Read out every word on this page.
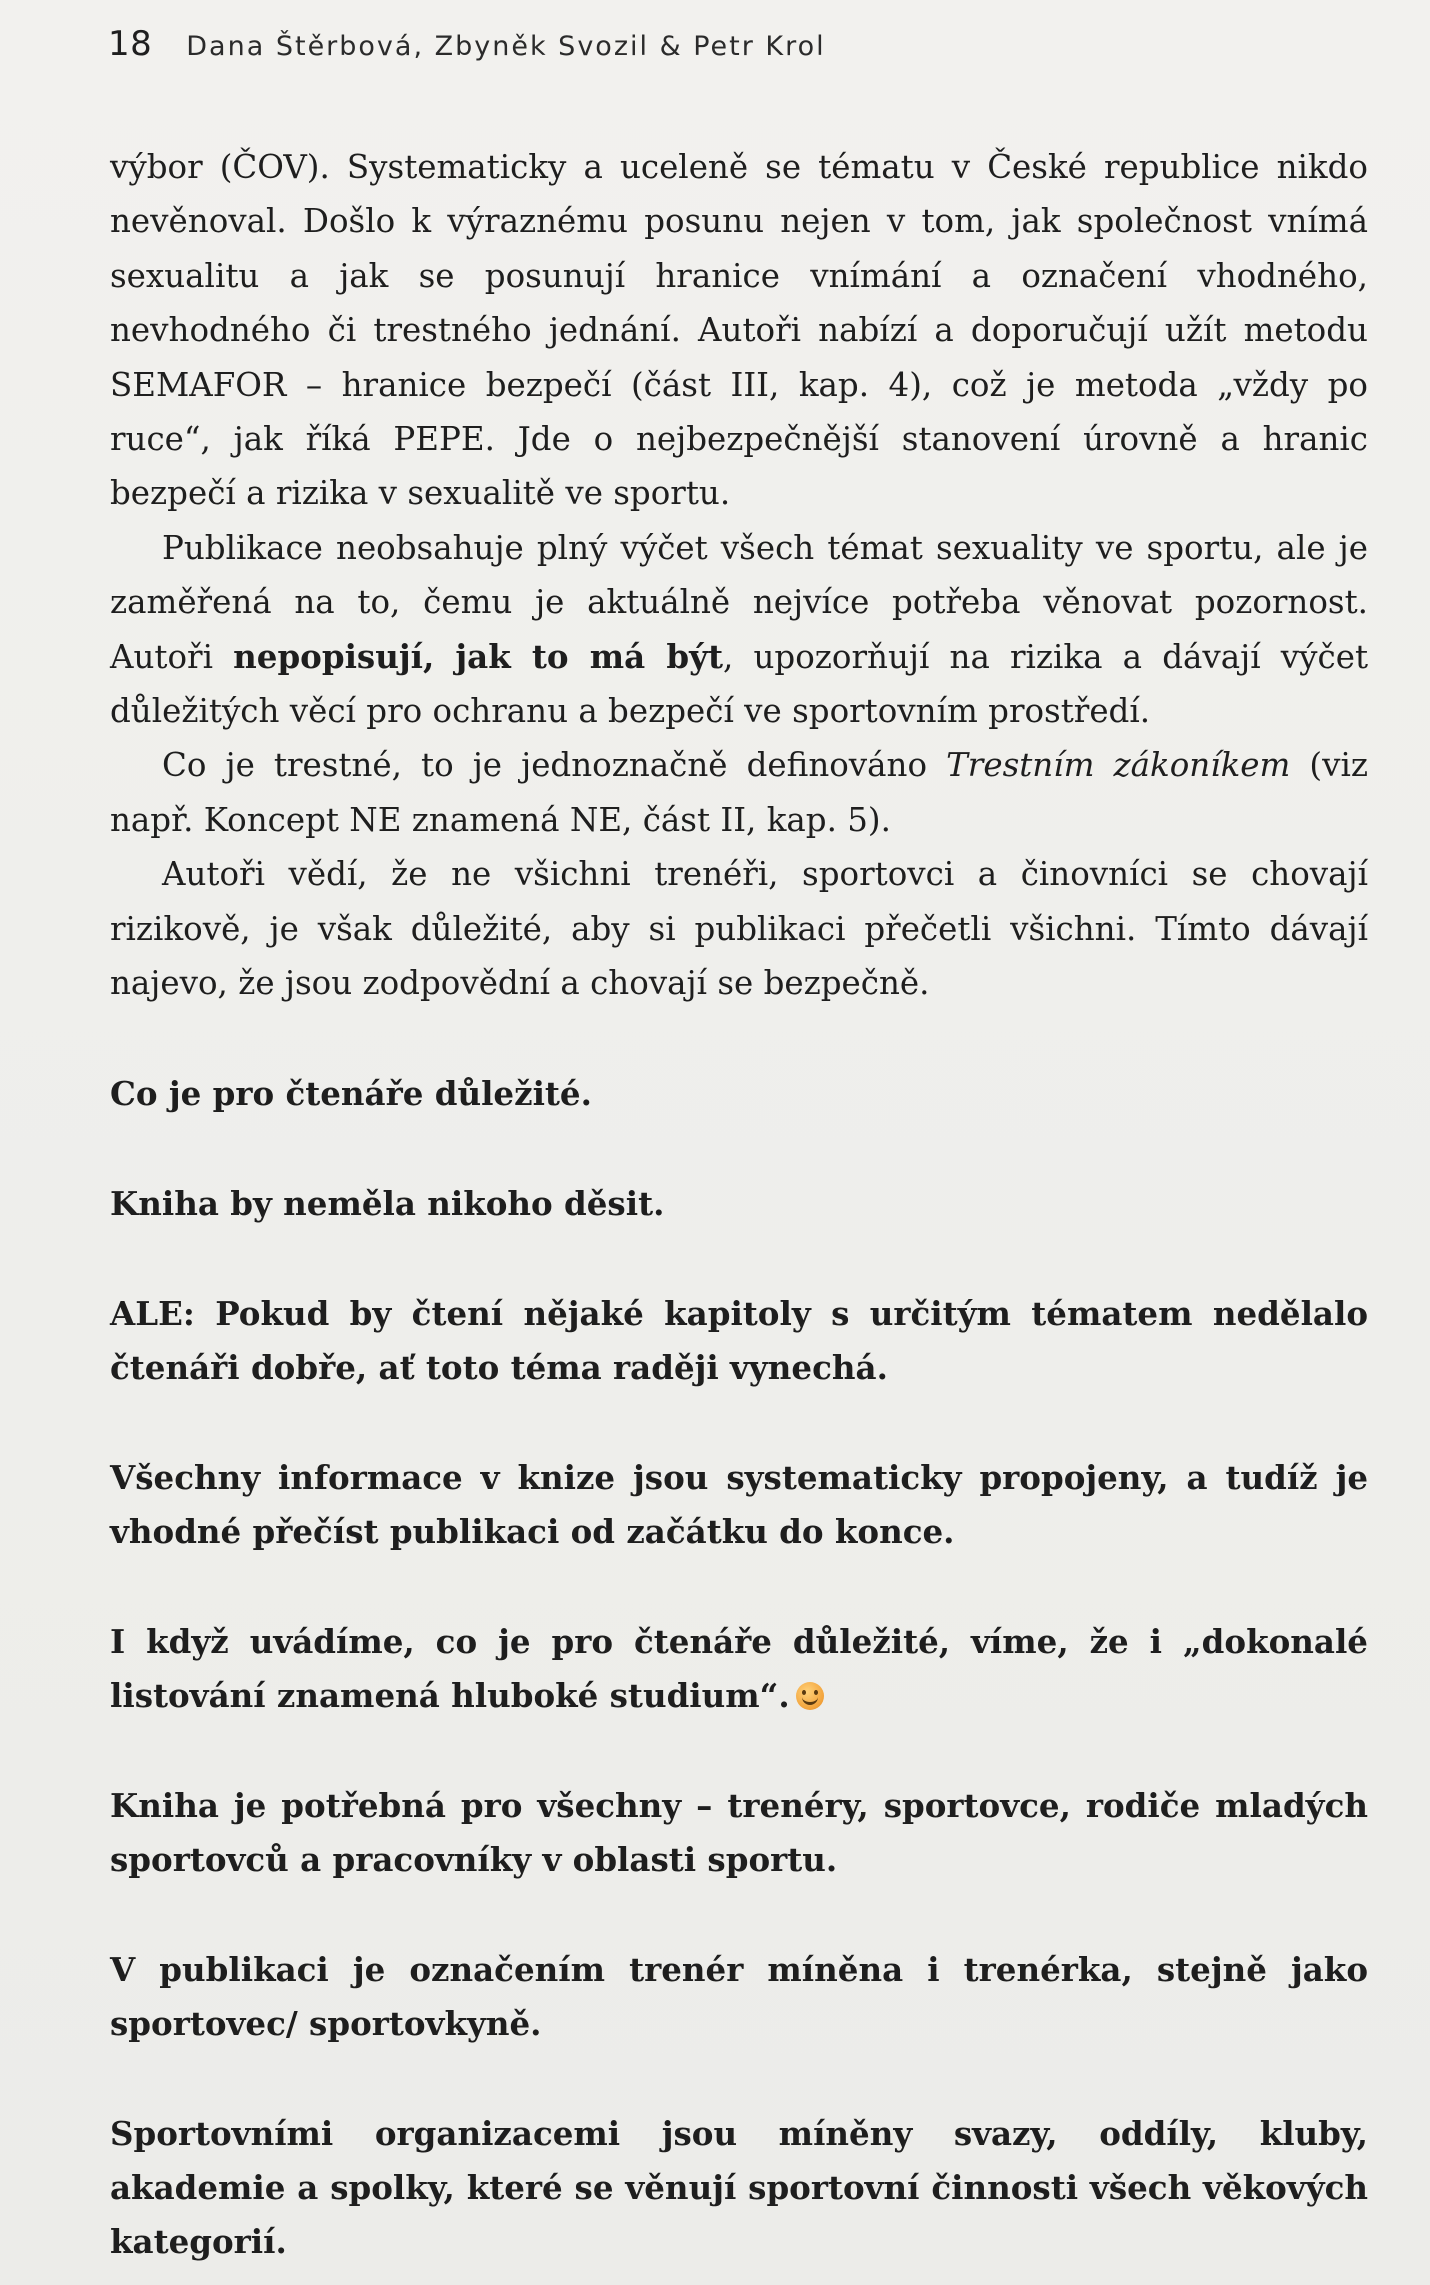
18 Dana Štěrbová, Zbyněk Svozil & Petr Krol

výbor (ČOV). Systematicky a uceleně se tématu v České republice nikdo nevěnoval. Došlo k výraznému posunu nejen v tom, jak společnost vnímá sexualitu a jak se posunují hranice vnímání a označení vhodného, nevhodného či trestného jednání. Autoři nabízí a doporučují užít metodu SEMAFOR – hranice bezpečí (část III, kap. 4), což je metoda „vždy po ruce“, jak říká PEPE. Jde o nejbezpečnější stanovení úrovně a hranic bezpečí a rizika v sexualitě ve sportu.

Publikace neobsahuje plný výčet všech témat sexuality ve sportu, ale je zaměřená na to, čemu je aktuálně nejvíce potřeba věnovat pozornost. Autoři nepopisují, jak to má být, upozorňují na rizika a dávají výčet důležitých věcí pro ochranu a bezpečí ve sportovním prostředí.

Co je trestné, to je jednoznačně definováno Trestním zákoníkem (viz např. Koncept NE znamená NE, část II, kap. 5).

Autoři vědí, že ne všichni trenéři, sportovci a činovníci se chovají rizikově, je však důležité, aby si publikaci přečetli všichni. Tímto dávají najevo, že jsou zodpovědní a chovají se bezpečně.

Co je pro čtenáře důležité.

Kniha by neměla nikoho děsit.

ALE: Pokud by čtení nějaké kapitoly s určitým tématem nedělalo čtenáři dobře, ať toto téma raději vynechá.

Všechny informace v knize jsou systematicky propojeny, a tudíž je vhodné přečíst publikaci od začátku do konce.

I když uvádíme, co je pro čtenáře důležité, víme, že i „dokonalé listování znamená hluboké studium“.

Kniha je potřebná pro všechny – trenéry, sportovce, rodiče mladých sportovců a pracovníky v oblasti sportu.

V publikaci je označením trenér míněna i trenérka, stejně jako sportovec/ sportovkyně.

Sportovními organizacemi jsou míněny svazy, oddíly, kluby, akademie a spolky, které se věnují sportovní činnosti všech věkových kategorií.
